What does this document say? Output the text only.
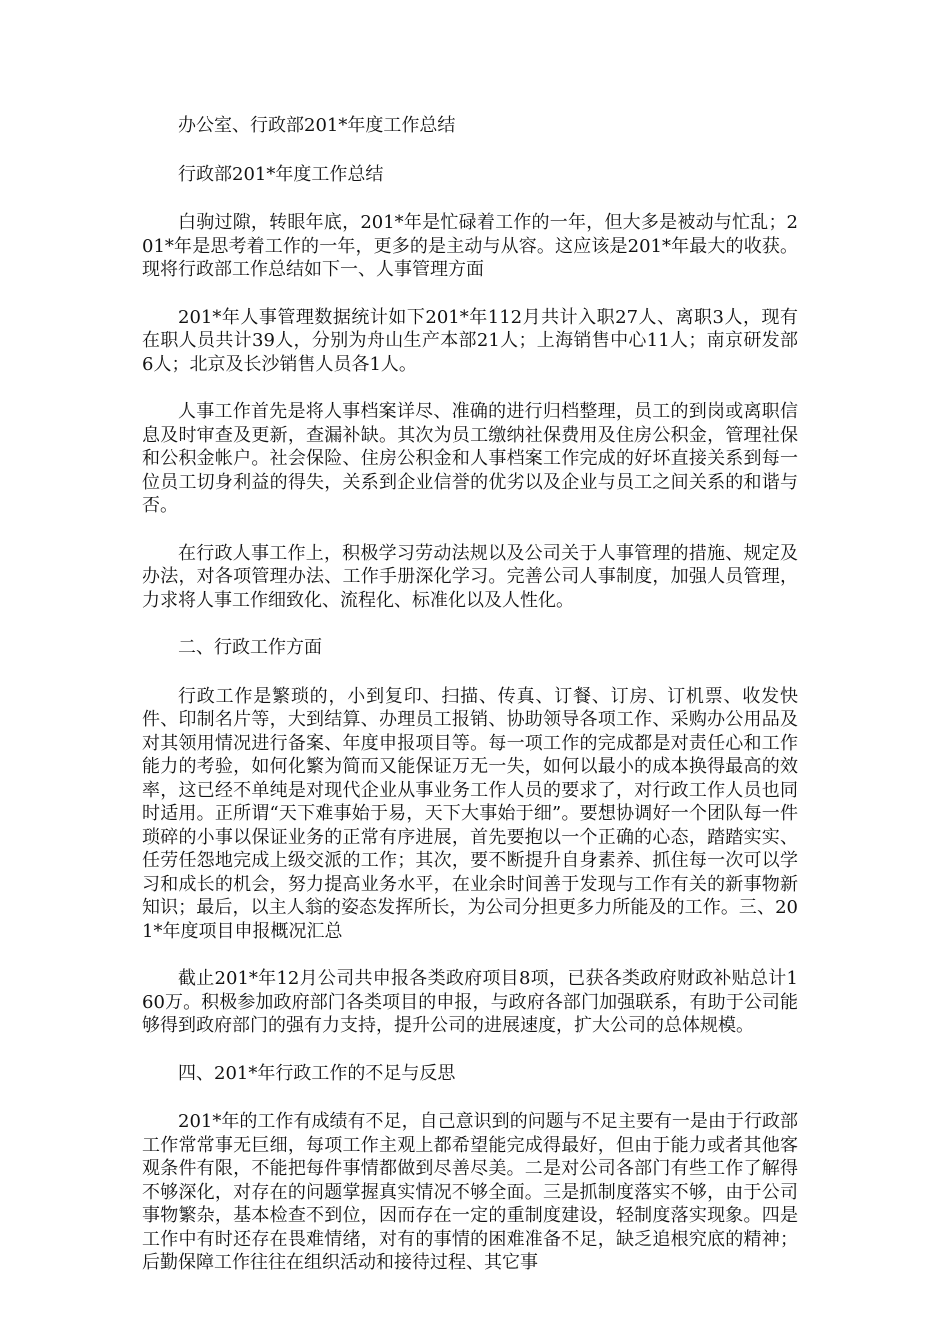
办公室、行政部201*年度工作总结

行政部201*年度工作总结

白驹过隙，转眼年底，201*年是忙碌着工作的一年，但大多是被动与忙乱；201*年是思考着工作的一年，更多的是主动与从容。这应该是201*年最大的收获。现将行政部工作总结如下一、人事管理方面

201*年人事管理数据统计如下201*年112月共计入职27人、离职3人，现有在职人员共计39人，分别为舟山生产本部21人；上海销售中心11人；南京研发部6人；北京及长沙销售人员各1人。

人事工作首先是将人事档案详尽、准确的进行归档整理，员工的到岗或离职信息及时审查及更新，查漏补缺。其次为员工缴纳社保费用及住房公积金，管理社保和公积金帐户。社会保险、住房公积金和人事档案工作完成的好坏直接关系到每一位员工切身利益的得失，关系到企业信誉的优劣以及企业与员工之间关系的和谐与否。

在行政人事工作上，积极学习劳动法规以及公司关于人事管理的措施、规定及办法，对各项管理办法、工作手册深化学习。完善公司人事制度，加强人员管理，力求将人事工作细致化、流程化、标准化以及人性化。

二、行政工作方面

行政工作是繁琐的，小到复印、扫描、传真、订餐、订房、订机票、收发快件、印制名片等，大到结算、办理员工报销、协助领导各项工作、采购办公用品及对其领用情况进行备案、年度申报项目等。每一项工作的完成都是对责任心和工作能力的考验，如何化繁为简而又能保证万无一失，如何以最小的成本换得最高的效率，这已经不单纯是对现代企业从事业务工作人员的要求了，对行政工作人员也同时适用。正所谓“天下难事始于易，天下大事始于细”。要想协调好一个团队每一件琐碎的小事以保证业务的正常有序进展，首先要抱以一个正确的心态，踏踏实实、任劳任怨地完成上级交派的工作；其次，要不断提升自身素养、抓住每一次可以学习和成长的机会，努力提高业务水平，在业余时间善于发现与工作有关的新事物新知识；最后，以主人翁的姿态发挥所长，为公司分担更多力所能及的工作。三、201*年度项目申报概况汇总

截止201*年12月公司共申报各类政府项目8项，已获各类政府财政补贴总计160万。积极参加政府部门各类项目的申报，与政府各部门加强联系，有助于公司能够得到政府部门的强有力支持，提升公司的进展速度，扩大公司的总体规模。

四、201*年行政工作的不足与反思

201*年的工作有成绩有不足，自己意识到的问题与不足主要有一是由于行政部工作常常事无巨细，每项工作主观上都希望能完成得最好，但由于能力或者其他客观条件有限，不能把每件事情都做到尽善尽美。二是对公司各部门有些工作了解得不够深化，对存在的问题掌握真实情况不够全面。三是抓制度落实不够，由于公司事物繁杂，基本检查不到位，因而存在一定的重制度建设，轻制度落实现象。四是工作中有时还存在畏难情绪，对有的事情的困难准备不足，缺乏追根究底的精神；后勤保障工作往往在组织活动和接待过程、其它事
